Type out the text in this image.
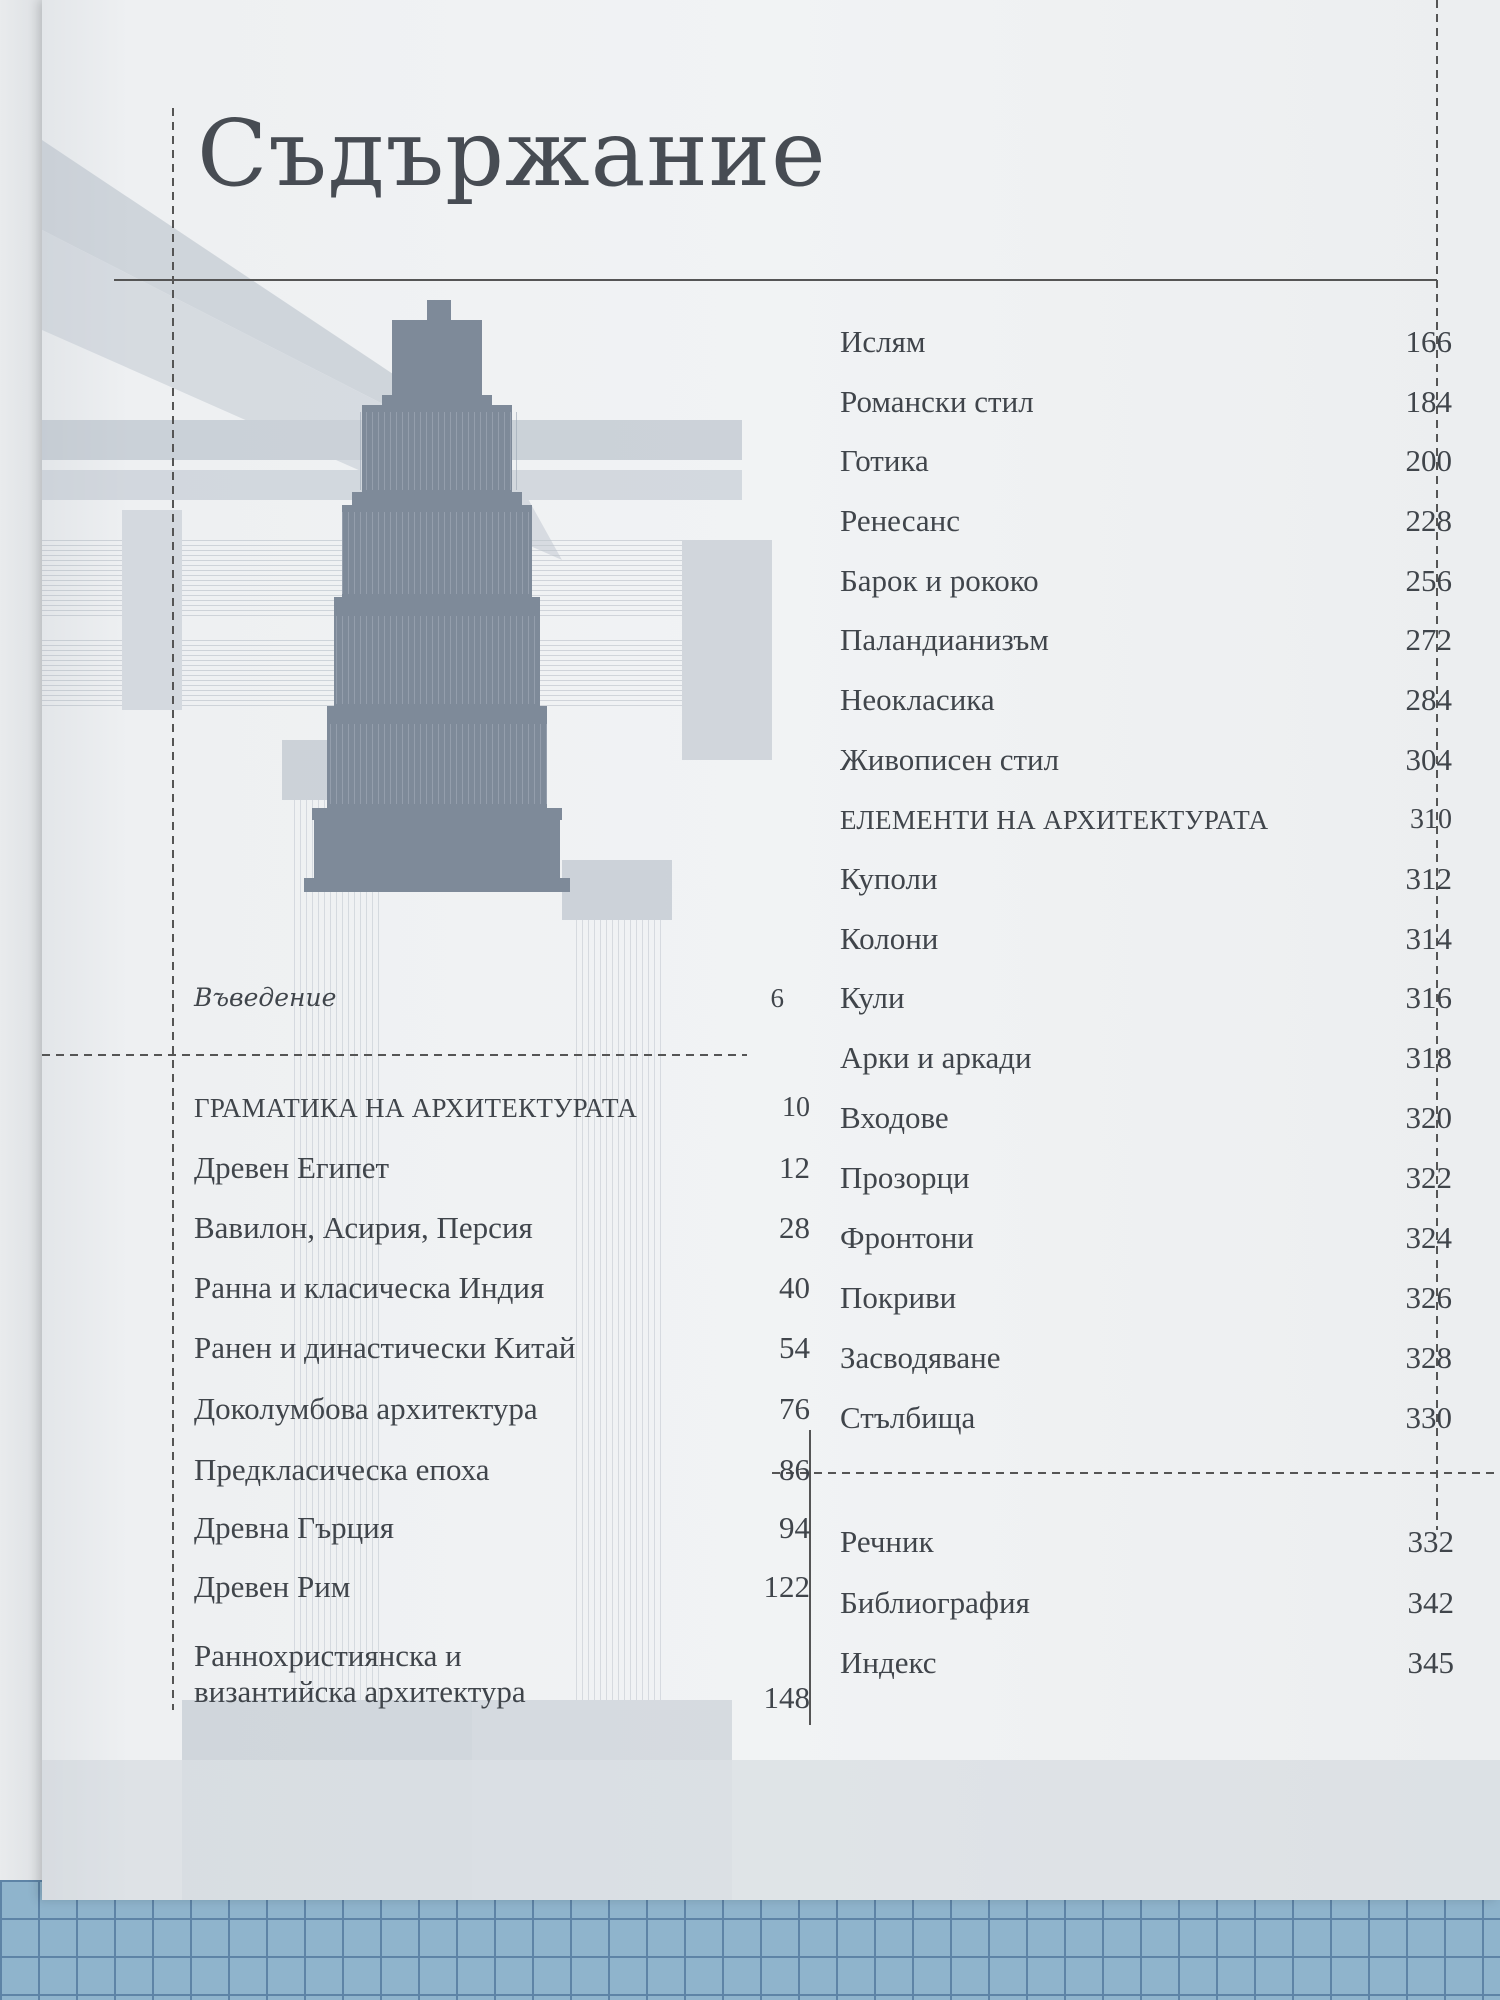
Съдържание
Въведение	6
ГРАМАТИКА НА АРХИТЕКТУРАТА	10
Древен Египет	12
Вавилон, Асирия, Персия	28
Ранна и класическа Индия	40
Ранен и династически Китай	54
Доколумбова архитектура	76
Предкласическа епоха	86
Древна Гърция	94
Древен Рим	122
Раннохристиянска и византийска архитектура	148
Ислям	166
Романски стил	184
Готика	200
Ренесанс	228
Барок и рококо	256
Паландианизъм	272
Неокласика	284
Живописен стил	304
ЕЛЕМЕНТИ НА АРХИТЕКТУРАТА	310
Куполи	312
Колони	314
Кули	316
Арки и аркади	318
Входове	320
Прозорци	322
Фронтони	324
Покриви	326
Засводяване	328
Стълбища	330
Речник	332
Библиография	342
Индекс	345
